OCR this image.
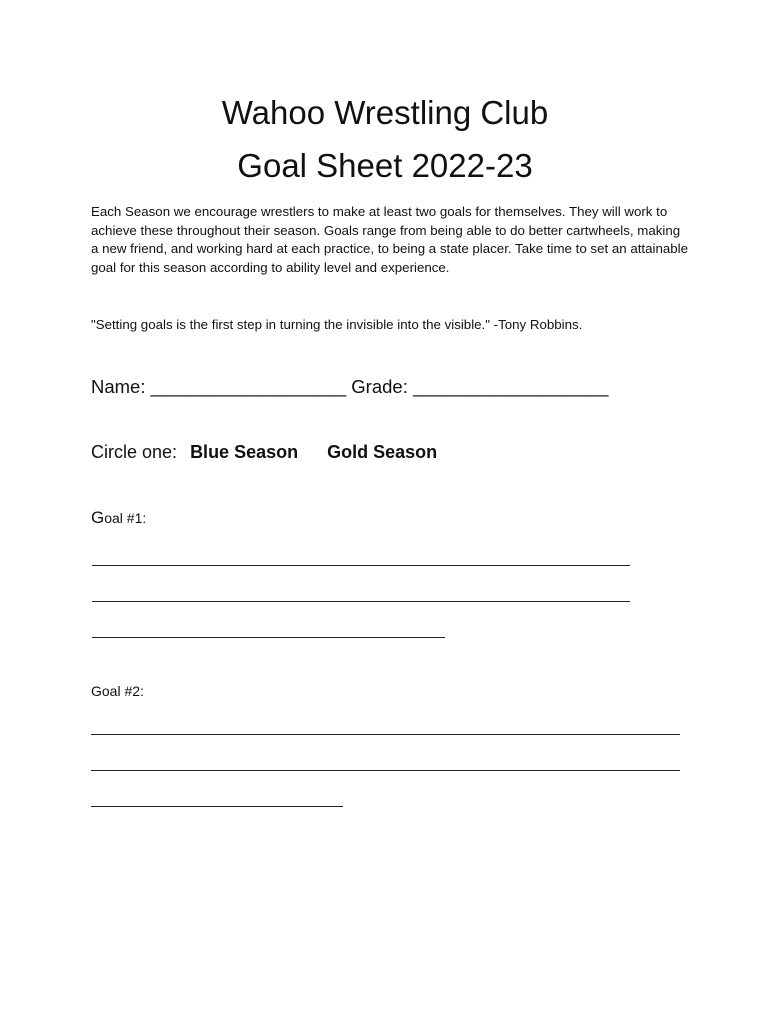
Wahoo Wrestling Club
Goal Sheet 2022-23

Each Season we encourage wrestlers to make at least two goals for themselves. They will work to achieve these throughout their season. Goals range from being able to do better cartwheels, making a new friend, and working hard at each practice, to being a state placer. Take time to set an attainable goal for this season according to ability level and experience.

"Setting goals is the first step in turning the invisible into the visible." -Tony Robbins.

Name: ___________________ Grade: ___________________

Circle one: Blue Season Gold Season

Goal #1:

Goal #2:
